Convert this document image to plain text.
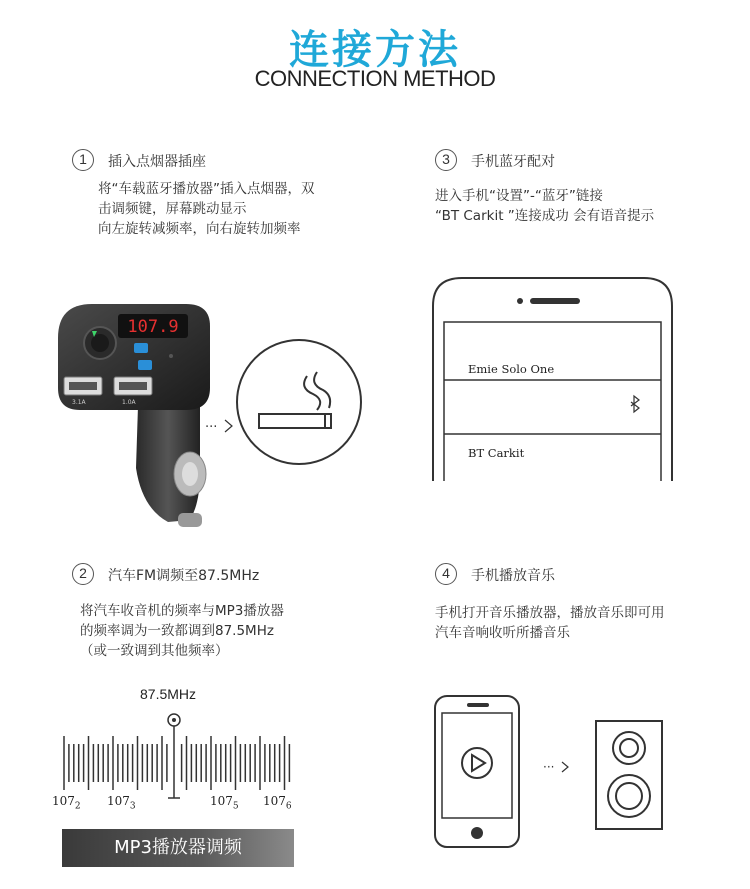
连接方法
CONNECTION METHOD
1	插入点烟器插座
将“车载蓝牙播放器”插入点烟器，双
击调频键，屏幕跳动显示
向左旋转减频率，向右旋转加频率
107.9
3.1A	1.0A
···
3	手机蓝牙配对
进入手机“设置”-“蓝牙”链接
“BT Carkit ”连接成功 会有语音提示
Emie Solo One
BT Carkit
2	汽车FM调频至87.5MHz
将汽车收音机的频率与MP3播放器
的频率调为一致都调到87.5MHz
（或一致调到其他频率）
87.5MHz
$107_2$ $107_3$	$107_5$ $107_6$
MP3播放器调频
4	手机播放音乐
手机打开音乐播放器，播放音乐即可用
汽车音响收听所播音乐
···
